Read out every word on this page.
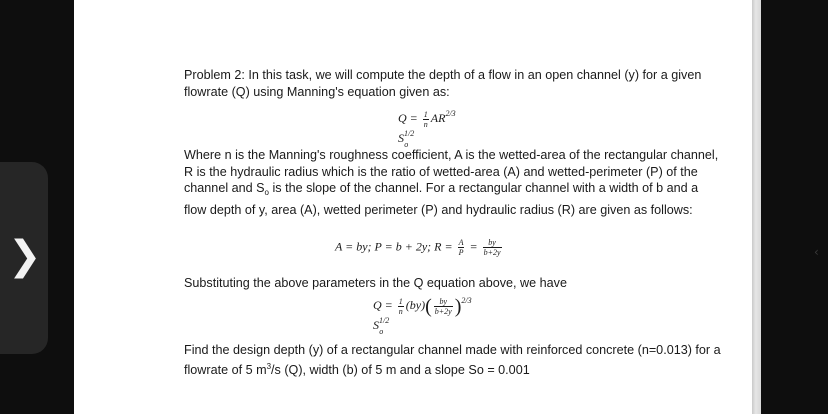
❯	‹
Problem 2: In this task, we will compute the depth of a flow in an open channel (y) for a given flowrate (Q) using Manning's equation given as:
$Q = \frac{1}{n} AR^{2/3}$ $S^{1/2}_o$
Where n is the Manning's roughness coefficient, A is the wetted-area of the rectangular channel, R is the hydraulic radius which is the ratio of wetted-area (A) and wetted-perimeter (P) of the channel and $S_o$ is the slope of the channel. For a rectangular channel with a width of b and a flow depth of y, area (A), wetted perimeter (P) and hydraulic radius (R) are given as follows:
A = by; P = b + 2y; $R = \frac{A}{P} = \frac{by}{b+2y}$
Substituting the above parameters in the Q equation above, we have
$Q = \frac{1}{n} (by)( \frac{by}{b+2y} )^{2/3}$ $S^{1/2}_o$
Find the design depth (y) of a rectangular channel made with reinforced concrete (n=0.013) for a flowrate of 5 $m^3/s$ (Q), width (b) of 5 m and a slope So = 0.001
